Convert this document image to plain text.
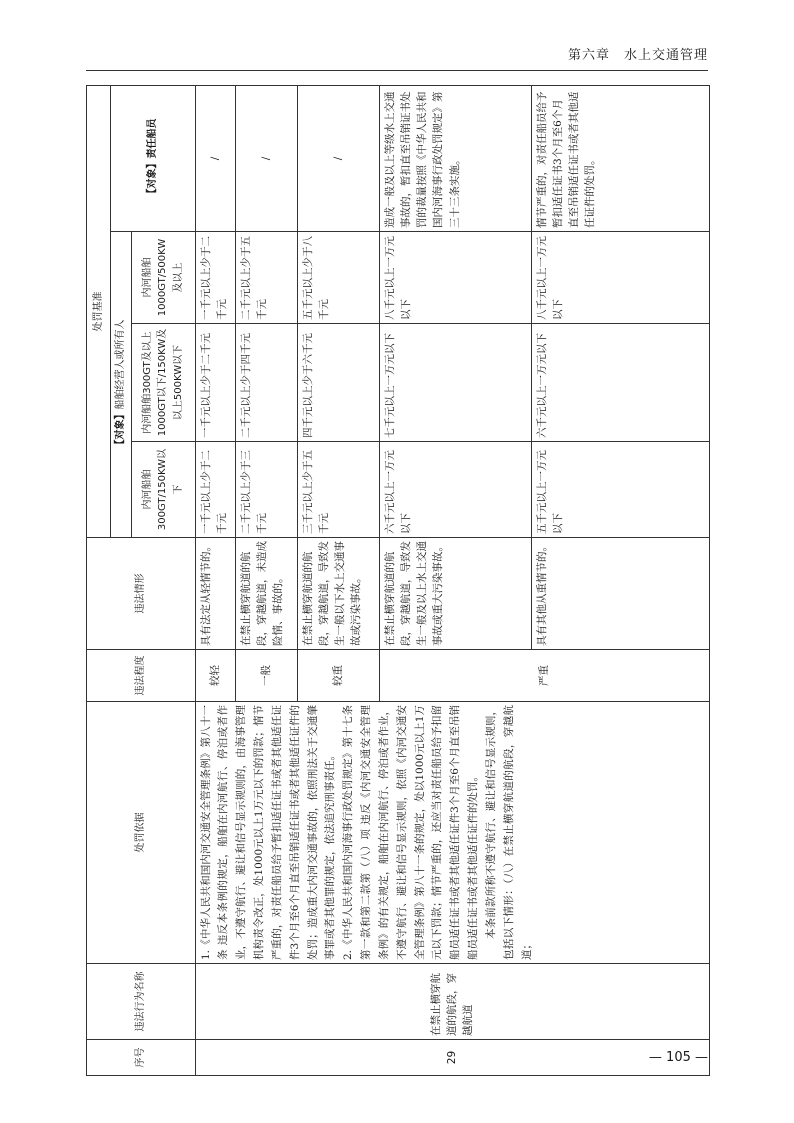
第六章　水上交通管理
序号	违法行为名称	处罚依据	违法程度	违法情形	处罚基准			
					【对象】船舶经营人或所有人			【对象】责任船员
					内河船舶300GT/150KW以下	内河船舶300GT及以上1000GT以下/150KW及以上500KW以下	内河船舶1000GT/500KW及以上	
29	在禁止横穿航道的航段，穿越航道	1.《中华人民共和国内河交通安全管理条例》第八十一条 违反本条例的规定，船舶在内河航行、停泊或者作业，不遵守航行、避让和信号显示规则的，由海事管理机构责令改正，处1000元以上1万元以下的罚款；情节严重的，对责任船员给予暂扣适任证书或者其他适任证件3个月至6个月直至吊销适任证书或者其他适任证件的处罚；造成重大内河交通事故的，依照刑法关于交通肇事罪或者其他罪的规定，依法追究刑事责任。 2.《中华人民共和国内河海事行政处罚规定》第十七条第一款和第二款第（八）项 违反《内河交通安全管理条例》的有关规定，船舶在内河航行、停泊或者作业，不遵守航行、避让和信号显示规则，依照《内河交通安全管理条例》第八十一条的规定，处以1000元以上1万元以下罚款；情节严重的，还应当对责任船员给予扣留船员适任证书或者其他适任证件3个月至6个月直至吊销船员适任证书或者其他适任证件的处罚。 本条前款所称不遵守航行、避让和信号显示规则，包括以下情形：（八）在禁止横穿航道的航段，穿越航道；	较轻	具有法定从轻情节的。	一千元以上少于二千元	一千元以上少于二千元	一千元以上少于二千元	/
			一般	在禁止横穿航道的航段，穿越航道，未造成险情、事故的。	二千元以上少于三千元	二千元以上少于四千元	二千元以上少于五千元	/
			较重	在禁止横穿航道的航段，穿越航道，导致发生一般以下水上交通事故或污染事故。	三千元以上少于五千元	四千元以上少于六千元	五千元以上少于八千元	/
			严重	在禁止横穿航道的航段，穿越航道，导致发生一般及以上水上交通事故或重大污染事故。	六千元以上一万元以下	七千元以上一万元以下	八千元以上一万元以下	造成一般及以上等级水上交通事故的，暂扣直至吊销证书处罚的裁量按照《中华人民共和国内河海事行政处罚规定》第三十三条实施。
				具有其他从重情节的。	五千元以上一万元以下	六千元以上一万元以下	八千元以上一万元以下	情节严重的，对责任船员给予暂扣适任证书3个月至6个月直至吊销适任证书或者其他适任证件的处罚。
— 105 —
